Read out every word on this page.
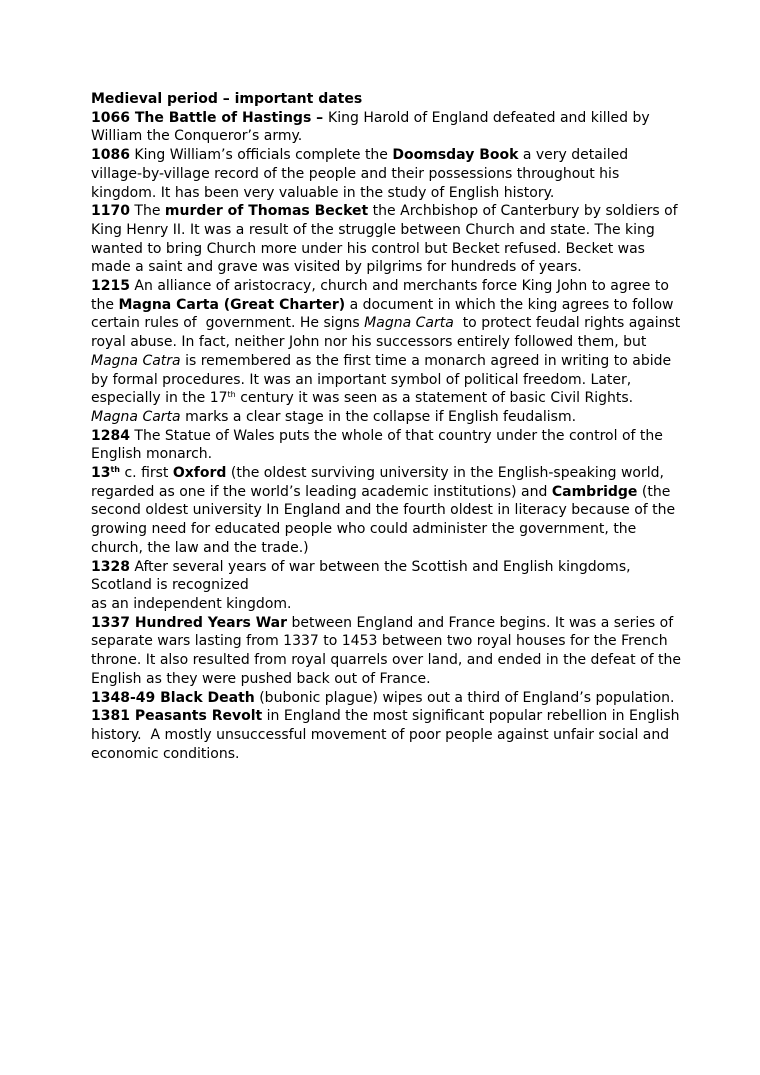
Medieval period – important dates

1066 The Battle of Hastings – King Harold of England defeated and killed by William the Conqueror’s army.

1086 King William’s officials complete the Doomsday Book a very detailed village-by-village record of the people and their possessions throughout his kingdom. It has been very valuable in the study of English history.

1170 The murder of Thomas Becket the Archbishop of Canterbury by soldiers of King Henry II. It was a result of the struggle between Church and state. The king wanted to bring Church more under his control but Becket refused. Becket was made a saint and grave was visited by pilgrims for hundreds of years.

1215 An alliance of aristocracy, church and merchants force King John to agree to the Magna Carta (Great Charter) a document in which the king agrees to follow certain rules of  government. He signs Magna Carta  to protect feudal rights against royal abuse. In fact, neither John nor his successors entirely followed them, but Magna Catra is remembered as the first time a monarch agreed in writing to abide by formal procedures. It was an important symbol of political freedom. Later, especially in the 17th century it was seen as a statement of basic Civil Rights. Magna Carta marks a clear stage in the collapse if English feudalism.

1284 The Statue of Wales puts the whole of that country under the control of the English monarch.

13th c. first Oxford (the oldest surviving university in the English-speaking world, regarded as one if the world’s leading academic institutions) and Cambridge (the second oldest university In England and the fourth oldest in literacy because of the growing need for educated people who could administer the government, the church, the law and the trade.)

1328 After several years of war between the Scottish and English kingdoms, Scotland is recognized
as an independent kingdom.

1337 Hundred Years War between England and France begins. It was a series of separate wars lasting from 1337 to 1453 between two royal houses for the French throne. It also resulted from royal quarrels over land, and ended in the defeat of the English as they were pushed back out of France.

1348-49 Black Death (bubonic plague) wipes out a third of England’s population.

1381 Peasants Revolt in England the most significant popular rebellion in English history.  A mostly unsuccessful movement of poor people against unfair social and economic conditions.
